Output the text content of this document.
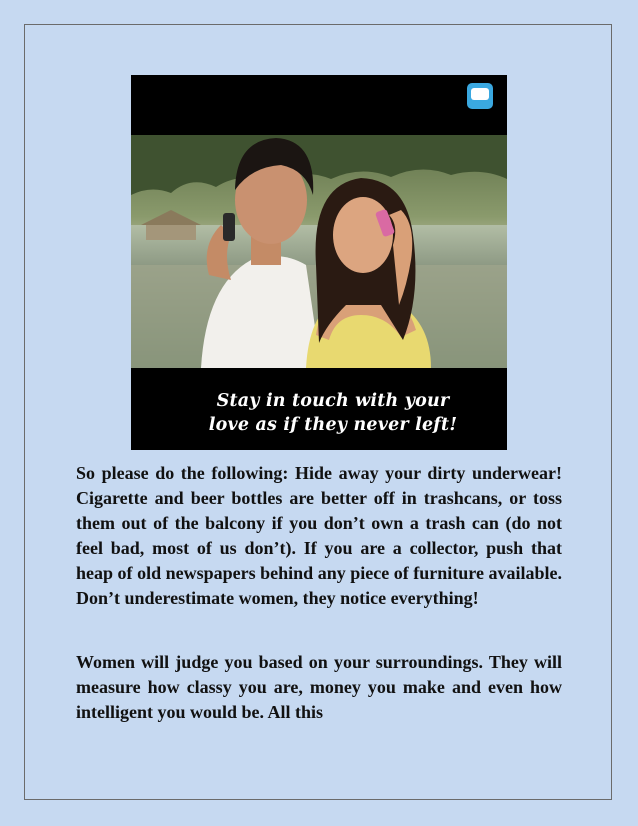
Stay in touch with your
love as if they never left!

So please do the following: Hide away your dirty underwear! Cigarette and beer bottles are better off in trashcans, or toss them out of the balcony if you don’t own a trash can (do not feel bad, most of us don’t). If you are a collector, push that heap of old newspapers behind any piece of furniture available. Don’t underestimate women, they notice everything!

Women will judge you based on your surroundings. They will measure how classy you are, money you make and even how intelligent you would be. All this
